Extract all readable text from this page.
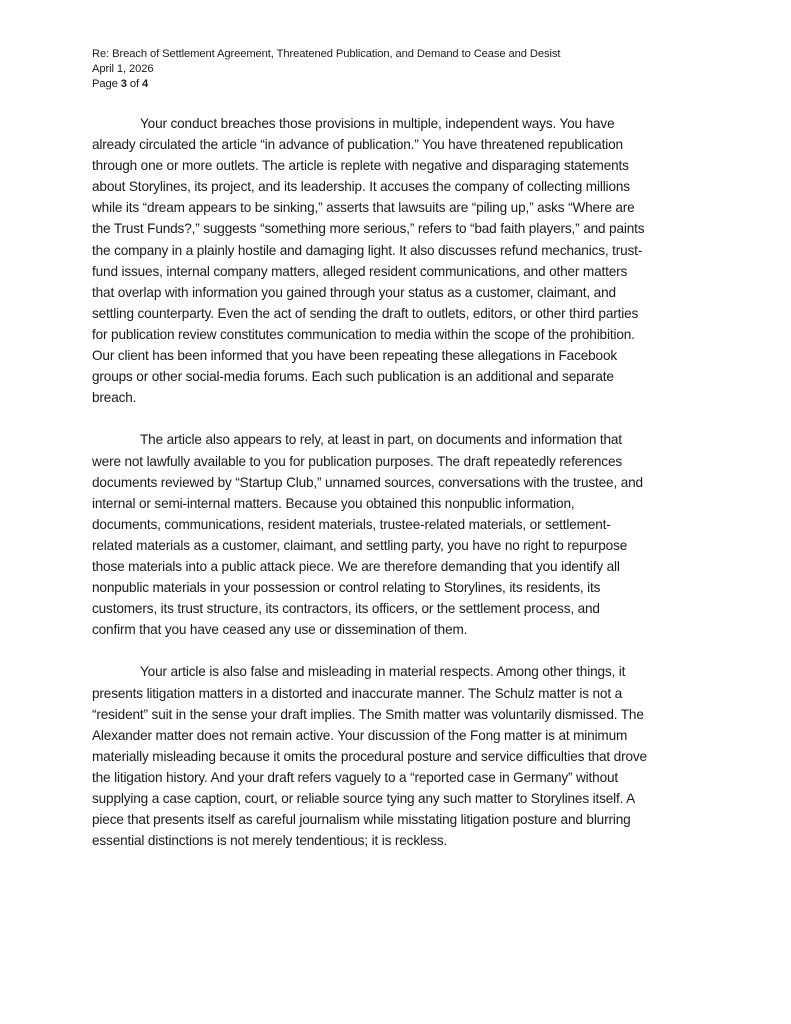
Re: Breach of Settlement Agreement, Threatened Publication, and Demand to Cease and Desist
April 1, 2026
Page 3 of 4

Your conduct breaches those provisions in multiple, independent ways. You have
already circulated the article “in advance of publication.” You have threatened republication
through one or more outlets. The article is replete with negative and disparaging statements
about Storylines, its project, and its leadership. It accuses the company of collecting millions
while its “dream appears to be sinking,” asserts that lawsuits are “piling up,” asks “Where are
the Trust Funds?,” suggests “something more serious,” refers to “bad faith players,” and paints
the company in a plainly hostile and damaging light. It also discusses refund mechanics, trust-
fund issues, internal company matters, alleged resident communications, and other matters
that overlap with information you gained through your status as a customer, claimant, and
settling counterparty. Even the act of sending the draft to outlets, editors, or other third parties
for publication review constitutes communication to media within the scope of the prohibition.
Our client has been informed that you have been repeating these allegations in Facebook
groups or other social-media forums. Each such publication is an additional and separate
breach.

The article also appears to rely, at least in part, on documents and information that
were not lawfully available to you for publication purposes. The draft repeatedly references
documents reviewed by “Startup Club,” unnamed sources, conversations with the trustee, and
internal or semi-internal matters. Because you obtained this nonpublic information,
documents, communications, resident materials, trustee-related materials, or settlement-
related materials as a customer, claimant, and settling party, you have no right to repurpose
those materials into a public attack piece. We are therefore demanding that you identify all
nonpublic materials in your possession or control relating to Storylines, its residents, its
customers, its trust structure, its contractors, its officers, or the settlement process, and
confirm that you have ceased any use or dissemination of them.

Your article is also false and misleading in material respects. Among other things, it
presents litigation matters in a distorted and inaccurate manner. The Schulz matter is not a
“resident” suit in the sense your draft implies. The Smith matter was voluntarily dismissed. The
Alexander matter does not remain active. Your discussion of the Fong matter is at minimum
materially misleading because it omits the procedural posture and service difficulties that drove
the litigation history. And your draft refers vaguely to a “reported case in Germany” without
supplying a case caption, court, or reliable source tying any such matter to Storylines itself. A
piece that presents itself as careful journalism while misstating litigation posture and blurring
essential distinctions is not merely tendentious; it is reckless.
